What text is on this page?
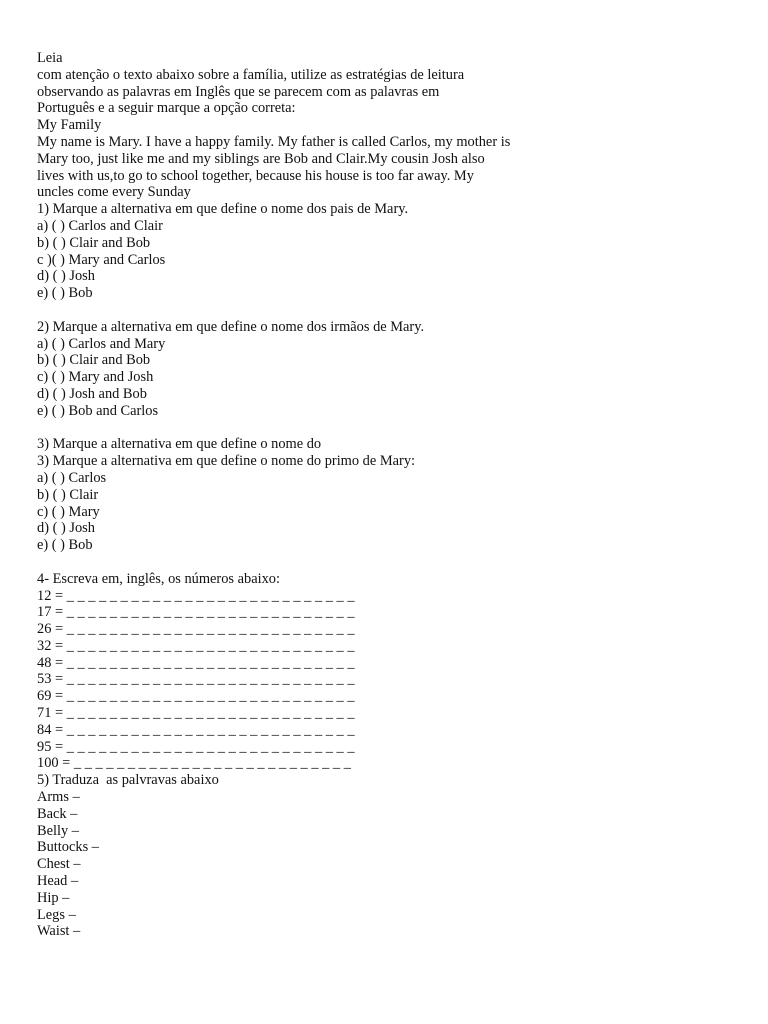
Leia
com atenção o texto abaixo sobre a família, utilize as estratégias de leitura
observando as palavras em Inglês que se parecem com as palavras em
Português e a seguir marque a opção correta:
My Family
My name is Mary. I have a happy family. My father is called Carlos, my mother is
Mary too, just like me and my siblings are Bob and Clair.My cousin Josh also
lives with us,to go to school together, because his house is too far away. My
uncles come every Sunday
1) Marque a alternativa em que define o nome dos pais de Mary.
a) ( ) Carlos and Clair
b) ( ) Clair and Bob
c )( ) Mary and Carlos
d) ( ) Josh
e) ( ) Bob
2) Marque a alternativa em que define o nome dos irmãos de Mary.
a) ( ) Carlos and Mary
b) ( ) Clair and Bob
c) ( ) Mary and Josh
d) ( ) Josh and Bob
e) ( ) Bob and Carlos
3) Marque a alternativa em que define o nome do
3) Marque a alternativa em que define o nome do primo de Mary:
a) ( ) Carlos
b) ( ) Clair
c) ( ) Mary
d) ( ) Josh
e) ( ) Bob
4- Escreva em, inglês, os números abaixo:
12 = _ _ _ _ _ _ _ _ _ _ _ _ _ _ _ _ _ _ _ _ _ _ _ _ _ _ _
17 = _ _ _ _ _ _ _ _ _ _ _ _ _ _ _ _ _ _ _ _ _ _ _ _ _ _ _
26 = _ _ _ _ _ _ _ _ _ _ _ _ _ _ _ _ _ _ _ _ _ _ _ _ _ _ _
32 = _ _ _ _ _ _ _ _ _ _ _ _ _ _ _ _ _ _ _ _ _ _ _ _ _ _ _
48 = _ _ _ _ _ _ _ _ _ _ _ _ _ _ _ _ _ _ _ _ _ _ _ _ _ _ _
53 = _ _ _ _ _ _ _ _ _ _ _ _ _ _ _ _ _ _ _ _ _ _ _ _ _ _ _
69 = _ _ _ _ _ _ _ _ _ _ _ _ _ _ _ _ _ _ _ _ _ _ _ _ _ _ _
71 = _ _ _ _ _ _ _ _ _ _ _ _ _ _ _ _ _ _ _ _ _ _ _ _ _ _ _
84 = _ _ _ _ _ _ _ _ _ _ _ _ _ _ _ _ _ _ _ _ _ _ _ _ _ _ _
95 = _ _ _ _ _ _ _ _ _ _ _ _ _ _ _ _ _ _ _ _ _ _ _ _ _ _ _
100 = _ _ _ _ _ _ _ _ _ _ _ _ _ _ _ _ _ _ _ _ _ _ _ _ _ _
5) Traduza  as palvravas abaixo
Arms –
Back –
Belly –
Buttocks –
Chest –
Head –
Hip –
Legs –
Waist –
